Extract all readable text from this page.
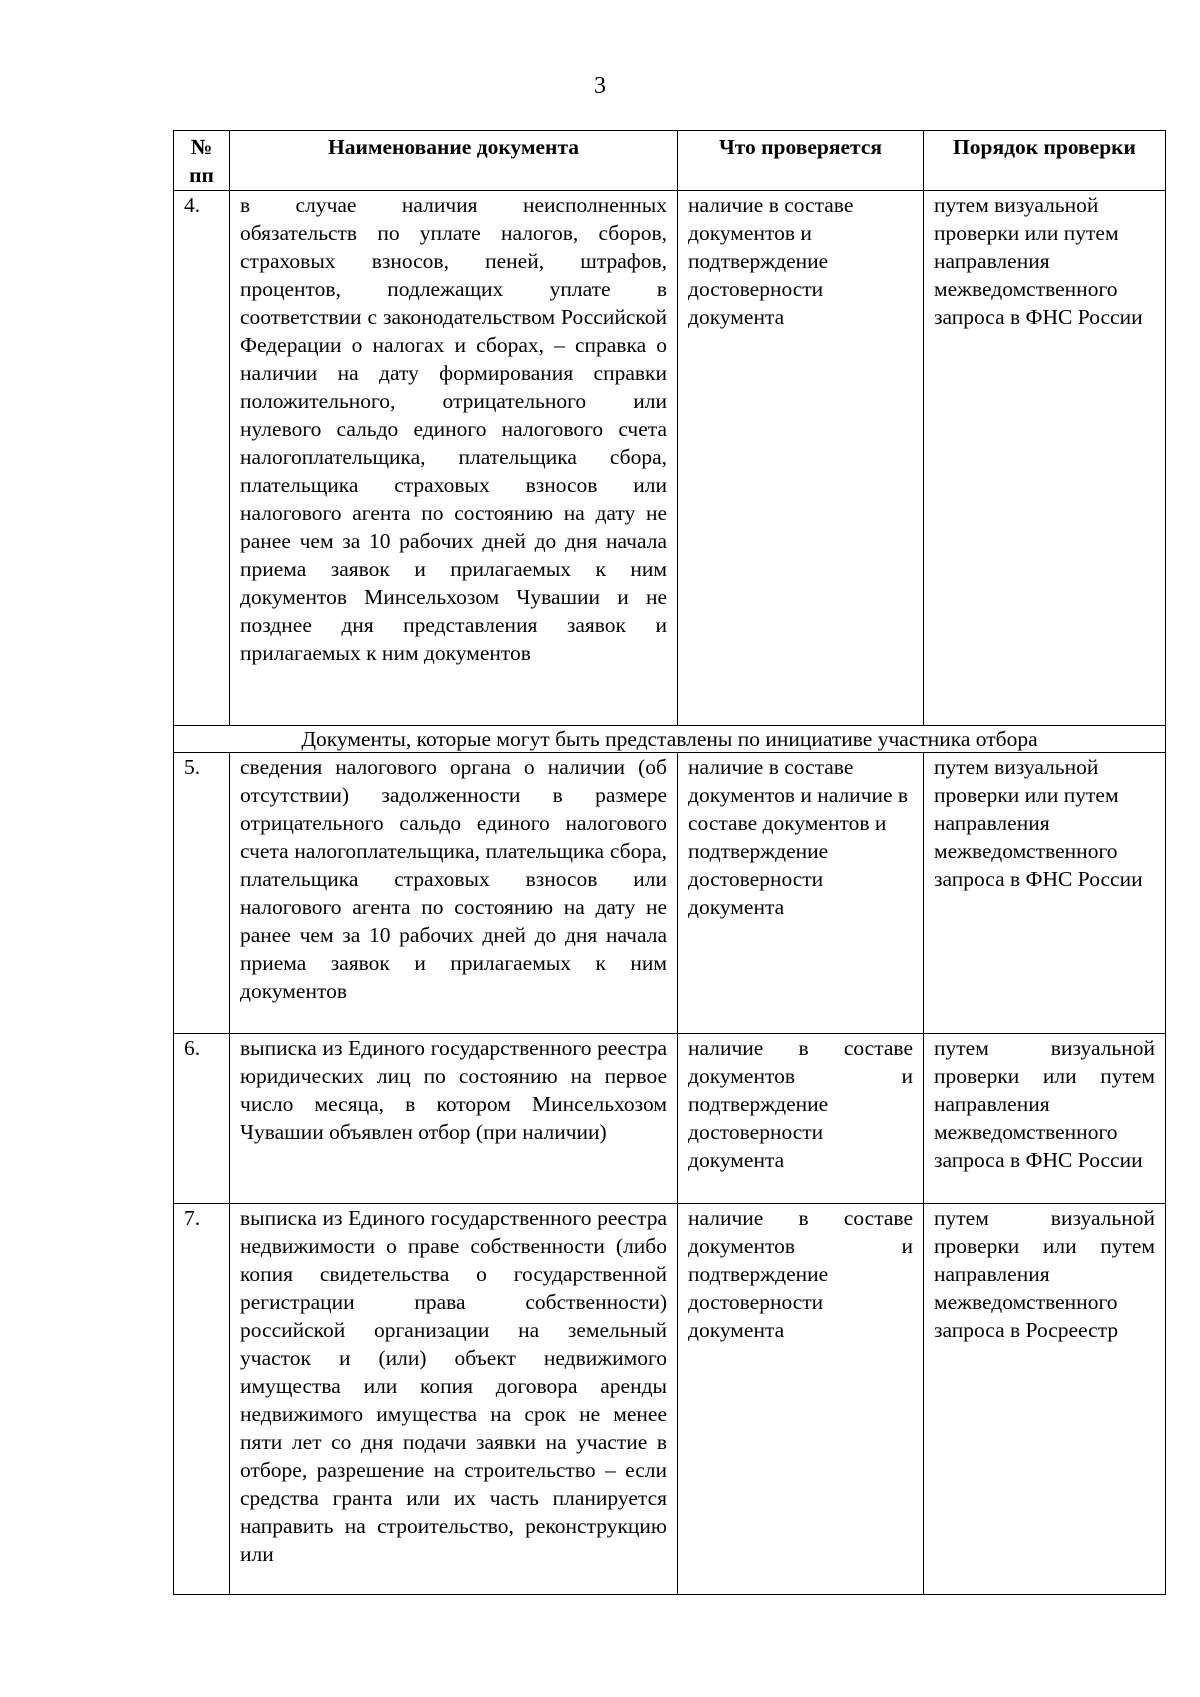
3
№ пп	Наименование документа	Что проверяется	Порядок проверки
4.	в случае наличия неисполненных обязательств по уплате налогов, сборов, страховых взносов, пеней, штрафов, процентов, подлежащих уплате в соответствии с законодательством Российской Федерации о налогах и сборах, – справка о наличии на дату формирования справки положительного, отрицательного или нулевого сальдо единого налогового счета налогоплательщика, плательщика сбора, плательщика страховых взносов или налогового агента по состоянию на дату не ранее чем за 10 рабочих дней до дня начала приема заявок и прилагаемых к ним документов Минсельхозом Чувашии и не позднее дня представления заявок и прилагаемых к ним документов	наличие в составе документов и подтверждение достоверности документа	путем визуальной проверки или путем направления межведомственного запроса в ФНС России
Документы, которые могут быть представлены по инициативе участника отбора			
5.	сведения налогового органа о наличии (об отсутствии) задолженности в размере отрицательного сальдо единого налогового счета налогоплательщика, плательщика сбора, плательщика страховых взносов или налогового агента по состоянию на дату не ранее чем за 10 рабочих дней до дня начала приема заявок и прилагаемых к ним документов	наличие в составе документов и наличие в составе документов и подтверждение достоверности документа	путем визуальной проверки или путем направления межведомственного запроса в ФНС России
6.	выписка из Единого государственного реестра юридических лиц по состоянию на первое число месяца, в котором Минсельхозом Чувашии объявлен отбор (при наличии)	наличие в составе документов и подтверждение достоверности документа	путем визуальной проверки или путем направления межведомственного запроса в ФНС России
7.	выписка из Единого государственного реестра недвижимости о праве собственности (либо копия свидетельства о государственной регистрации права собственности) российской организации на земельный участок и (или) объект недвижимого имущества или копия договора аренды недвижимого имущества на срок не менее пяти лет со дня подачи заявки на участие в отборе, разрешение на строительство – если средства гранта или их часть планируется направить на строительство, реконструкцию или	наличие в составе документов и подтверждение достоверности документа	путем визуальной проверки или путем направления межведомственного запроса в Росреестр
